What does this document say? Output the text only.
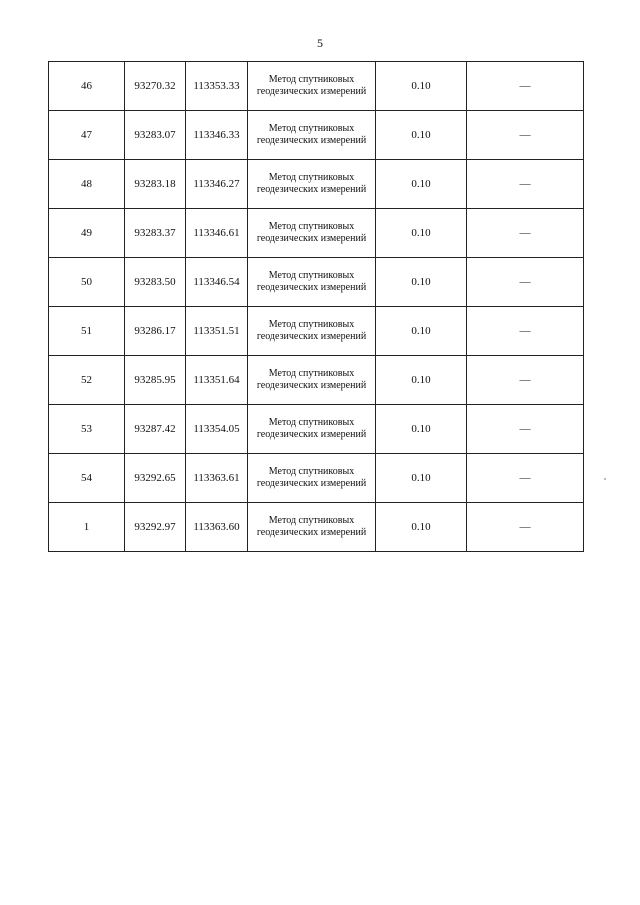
5
46	93270.32	113353.33	Метод спутниковых
геодезических измерений	0.10	—
47	93283.07	113346.33	Метод спутниковых
геодезических измерений	0.10	—
48	93283.18	113346.27	Метод спутниковых
геодезических измерений	0.10	—
49	93283.37	113346.61	Метод спутниковых
геодезических измерений	0.10	—
50	93283.50	113346.54	Метод спутниковых
геодезических измерений	0.10	—
51	93286.17	113351.51	Метод спутниковых
геодезических измерений	0.10	—
52	93285.95	113351.64	Метод спутниковых
геодезических измерений	0.10	—
53	93287.42	113354.05	Метод спутниковых
геодезических измерений	0.10	—
54	93292.65	113363.61	Метод спутниковых
геодезических измерений	0.10	—
1	93292.97	113363.60	Метод спутниковых
геодезических измерений	0.10	—
